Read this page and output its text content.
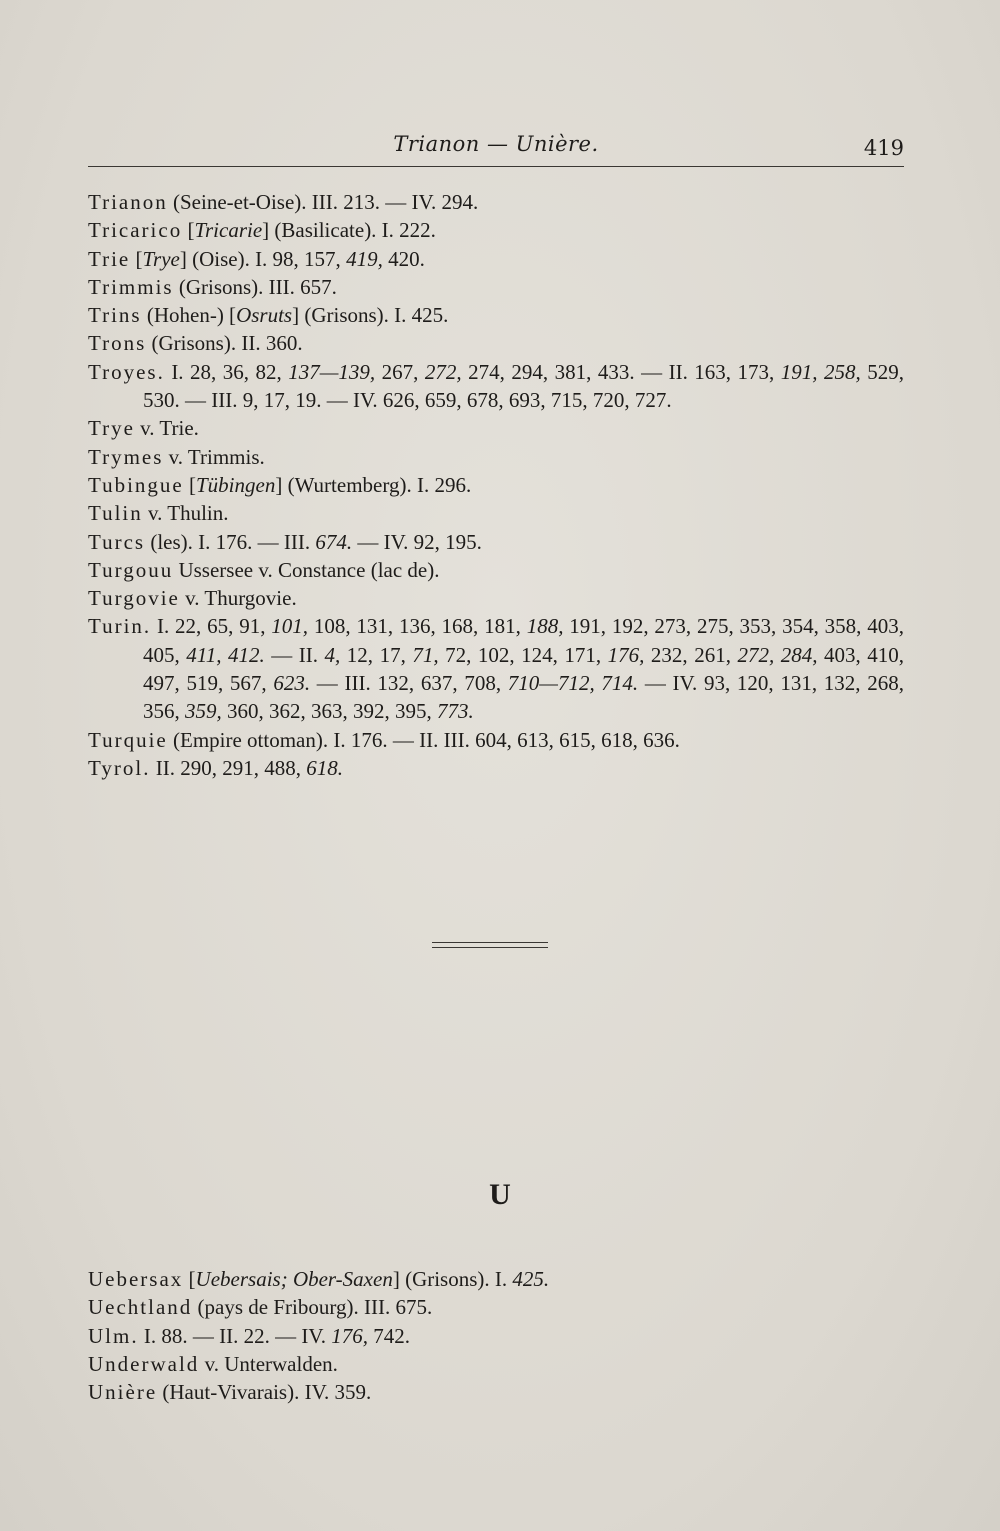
Trianon — Unière.	419

Trianon (Seine-et-Oise). III. 213. — IV. 294.

Tricarico [Tricarie] (Basilicate). I. 222.

Trie [Trye] (Oise). I. 98, 157, 419, 420.

Trimmis (Grisons). III. 657.

Trins (Hohen-) [Osruts] (Grisons). I. 425.

Trons (Grisons). II. 360.

Troyes. I. 28, 36, 82, 137—139, 267, 272, 274, 294, 381, 433. — II. 163, 173, 191, 258, 529, 530. — III. 9, 17, 19. — IV. 626, 659, 678, 693, 715, 720, 727.

Trye v. Trie.

Trymes v. Trimmis.

Tubingue [Tübingen] (Wurtemberg). I. 296.

Tulin v. Thulin.

Turcs (les). I. 176. — III. 674. — IV. 92, 195.

Turgouu Ussersee v. Constance (lac de).

Turgovie v. Thurgovie.

Turin. I. 22, 65, 91, 101, 108, 131, 136, 168, 181, 188, 191, 192, 273, 275, 353, 354, 358, 403, 405, 411, 412. — II. 4, 12, 17, 71, 72, 102, 124, 171, 176, 232, 261, 272, 284, 403, 410, 497, 519, 567, 623. — III. 132, 637, 708, 710—712, 714. — IV. 93, 120, 131, 132, 268, 356, 359, 360, 362, 363, 392, 395, 773.

Turquie (Empire ottoman). I. 176. — II. III. 604, 613, 615, 618, 636.

Tyrol. II. 290, 291, 488, 618.

U

Uebersax [Uebersais; Ober-Saxen] (Grisons). I. 425.

Uechtland (pays de Fribourg). III. 675.

Ulm. I. 88. — II. 22. — IV. 176, 742.

Underwald v. Unterwalden.

Unière (Haut-Vivarais). IV. 359.
